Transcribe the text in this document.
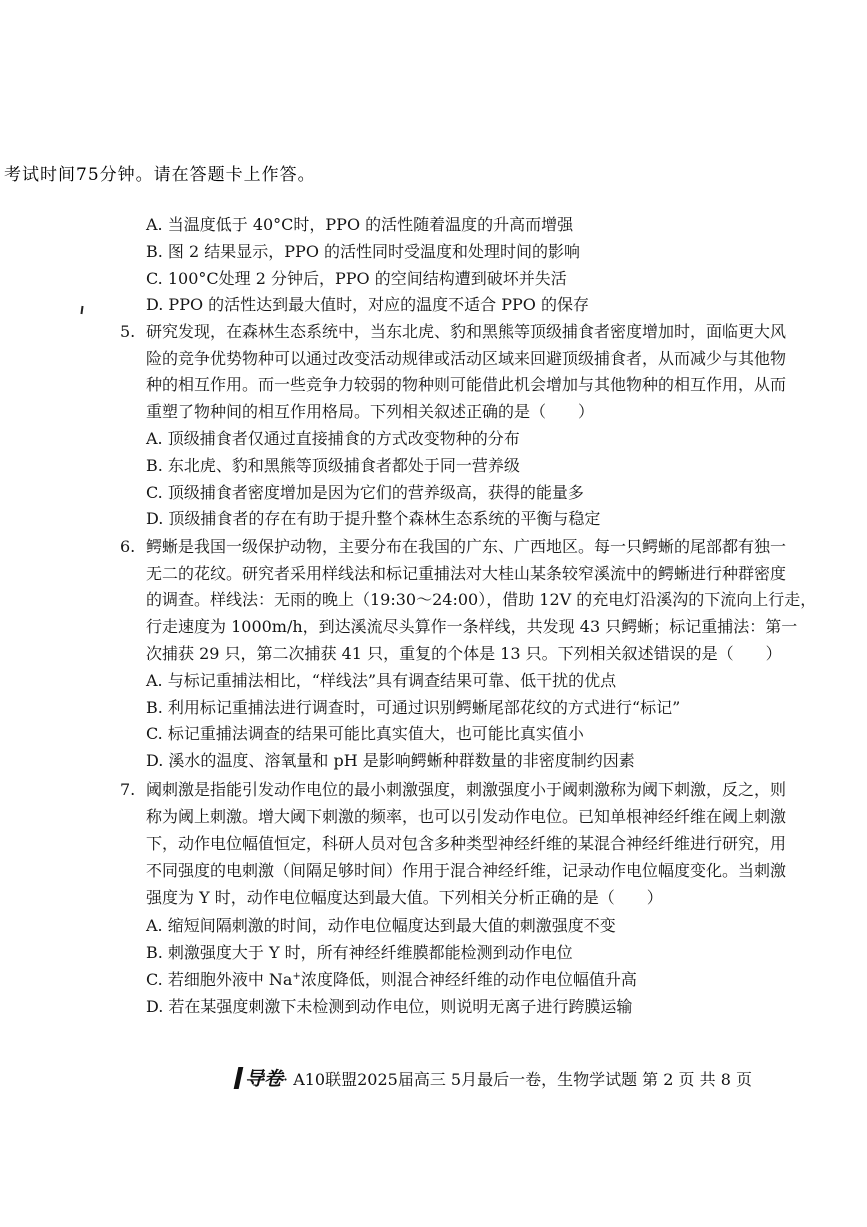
考试时间75分钟。请在答题卡上作答。
A. 当温度低于 40°C时，PPO 的活性随着温度的升高而增强
B. 图 2 结果显示，PPO 的活性同时受温度和处理时间的影响
C. 100°C处理 2 分钟后，PPO 的空间结构遭到破坏并失活
D. PPO 的活性达到最大值时，对应的温度不适合 PPO 的保存
5. 研究发现，在森林生态系统中，当东北虎、豹和黑熊等顶级捕食者密度增加时，面临更大风
险的竞争优势物种可以通过改变活动规律或活动区域来回避顶级捕食者，从而减少与其他物
种的相互作用。而一些竞争力较弱的物种则可能借此机会增加与其他物种的相互作用，从而
重塑了物种间的相互作用格局。下列相关叙述正确的是（　　）
A. 顶级捕食者仅通过直接捕食的方式改变物种的分布
B. 东北虎、豹和黑熊等顶级捕食者都处于同一营养级
C. 顶级捕食者密度增加是因为它们的营养级高，获得的能量多
D. 顶级捕食者的存在有助于提升整个森林生态系统的平衡与稳定
6. 鳄蜥是我国一级保护动物，主要分布在我国的广东、广西地区。每一只鳄蜥的尾部都有独一
无二的花纹。研究者采用样线法和标记重捕法对大桂山某条较窄溪流中的鳄蜥进行种群密度
的调查。样线法：无雨的晚上（19:30～24:00），借助 12V 的充电灯沿溪沟的下流向上行走，
行走速度为 1000m/h，到达溪流尽头算作一条样线，共发现 43 只鳄蜥；标记重捕法：第一
次捕获 29 只，第二次捕获 41 只，重复的个体是 13 只。下列相关叙述错误的是（　　）
A. 与标记重捕法相比，“样线法”具有调查结果可靠、低干扰的优点
B. 利用标记重捕法进行调查时，可通过识别鳄蜥尾部花纹的方式进行“标记”
C. 标记重捕法调查的结果可能比真实值大，也可能比真实值小
D. 溪水的温度、溶氧量和 pH 是影响鳄蜥种群数量的非密度制约因素
7. 阈刺激是指能引发动作电位的最小刺激强度，刺激强度小于阈刺激称为阈下刺激，反之，则
称为阈上刺激。增大阈下刺激的频率，也可以引发动作电位。已知单根神经纤维在阈上刺激
下，动作电位幅值恒定，科研人员对包含多种类型神经纤维的某混合神经纤维进行研究，用
不同强度的电刺激（间隔足够时间）作用于混合神经纤维，记录动作电位幅度变化。当刺激
强度为 Y 时，动作电位幅度达到最大值。下列相关分析正确的是（　　）
A. 缩短间隔刺激的时间，动作电位幅度达到最大值的刺激强度不变
B. 刺激强度大于 Y 时，所有神经纤维膜都能检测到动作电位
C. 若细胞外液中 Na+浓度降低，则混合神经纤维的动作电位幅值升高
D. 若在某强度刺激下未检测到动作电位，则说明无离子进行跨膜运输
导卷· A10联盟2025届高三 5月最后一卷，生物学试题 第 2 页 共 8 页
